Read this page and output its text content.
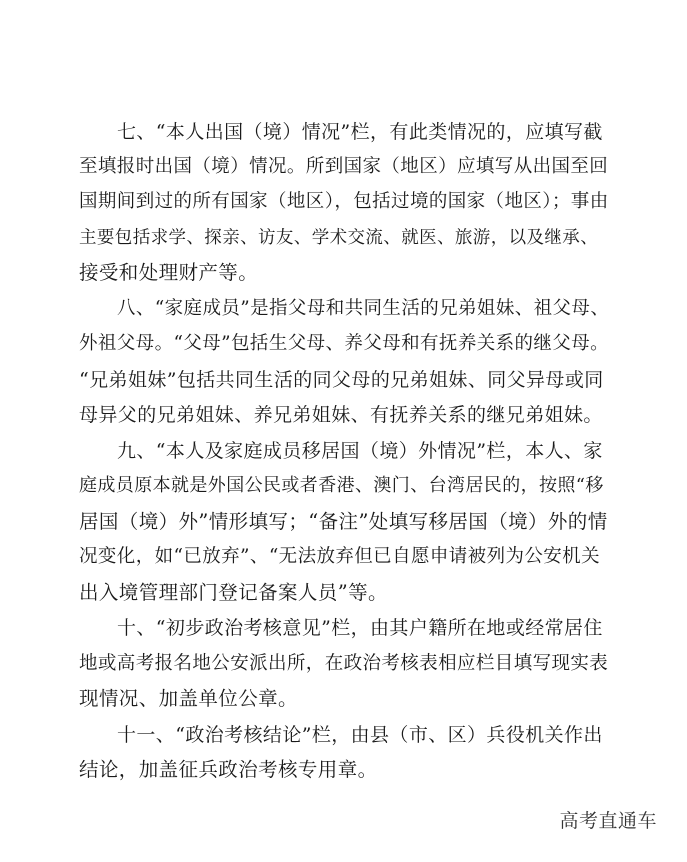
七、“本人出国（境）情况”栏，有此类情况的，应填写截
至填报时出国（境）情况。所到国家（地区）应填写从出国至回
国期间到过的所有国家（地区），包括过境的国家（地区）；事由
主要包括求学、探亲、访友、学术交流、就医、旅游，以及继承、
接受和处理财产等。
八、“家庭成员”是指父母和共同生活的兄弟姐妹、祖父母、
外祖父母。“父母”包括生父母、养父母和有抚养关系的继父母。
“兄弟姐妹”包括共同生活的同父母的兄弟姐妹、同父异母或同
母异父的兄弟姐妹、养兄弟姐妹、有抚养关系的继兄弟姐妹。
九、“本人及家庭成员移居国（境）外情况”栏，本人、家
庭成员原本就是外国公民或者香港、澳门、台湾居民的，按照“移
居国（境）外”情形填写；“备注”处填写移居国（境）外的情
况变化，如“已放弃”、“无法放弃但已自愿申请被列为公安机关
出入境管理部门登记备案人员”等。
十、“初步政治考核意见”栏，由其户籍所在地或经常居住
地或高考报名地公安派出所，在政治考核表相应栏目填写现实表
现情况、加盖单位公章。
十一、“政治考核结论”栏，由县（市、区）兵役机关作出
结论，加盖征兵政治考核专用章。
高考直通车
